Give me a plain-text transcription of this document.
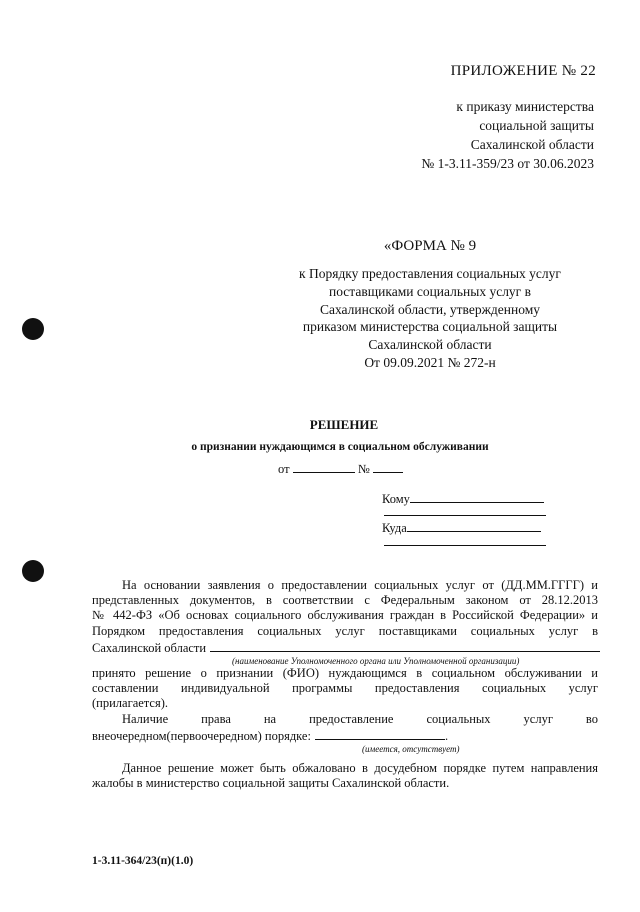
ПРИЛОЖЕНИЕ № 22
к приказу министерства
социальной защиты
Сахалинской области
№ 1-3.11-359/23 от 30.06.2023
«ФОРМА № 9
к Порядку предоставления социальных услуг
поставщиками социальных услуг в
Сахалинской области, утвержденному
приказом министерства социальной защиты
Сахалинской области
От 09.09.2021 № 272-н
РЕШЕНИЕ
о признании нуждающимся в социальном обслуживании
от	№
Кому
Куда
На основании заявления о предоставлении социальных услуг от (ДД.ММ.ГГГГ) и
представленных документов, в соответствии с Федеральным законом от 28.12.2013
№ 442-ФЗ «Об основах социального обслуживания граждан в Российской Федерации» и
Порядком предоставления социальных услуг поставщиками социальных услуг в
Сахалинской области
(наименование Уполномоченного органа или Уполномоченной организации)
принято решение о признании (ФИО) нуждающимся в социальном обслуживании и
составлении индивидуальной программы предоставления социальных услуг
(прилагается).
Наличие права на предоставление социальных услуг во
внеочередном(первоочередном) порядке:	.
(имеется, отсутствует)
Данное решение может быть обжаловано в досудебном порядке путем направления
жалобы в министерство социальной защиты Сахалинской области.
1-3.11-364/23(п)(1.0)
